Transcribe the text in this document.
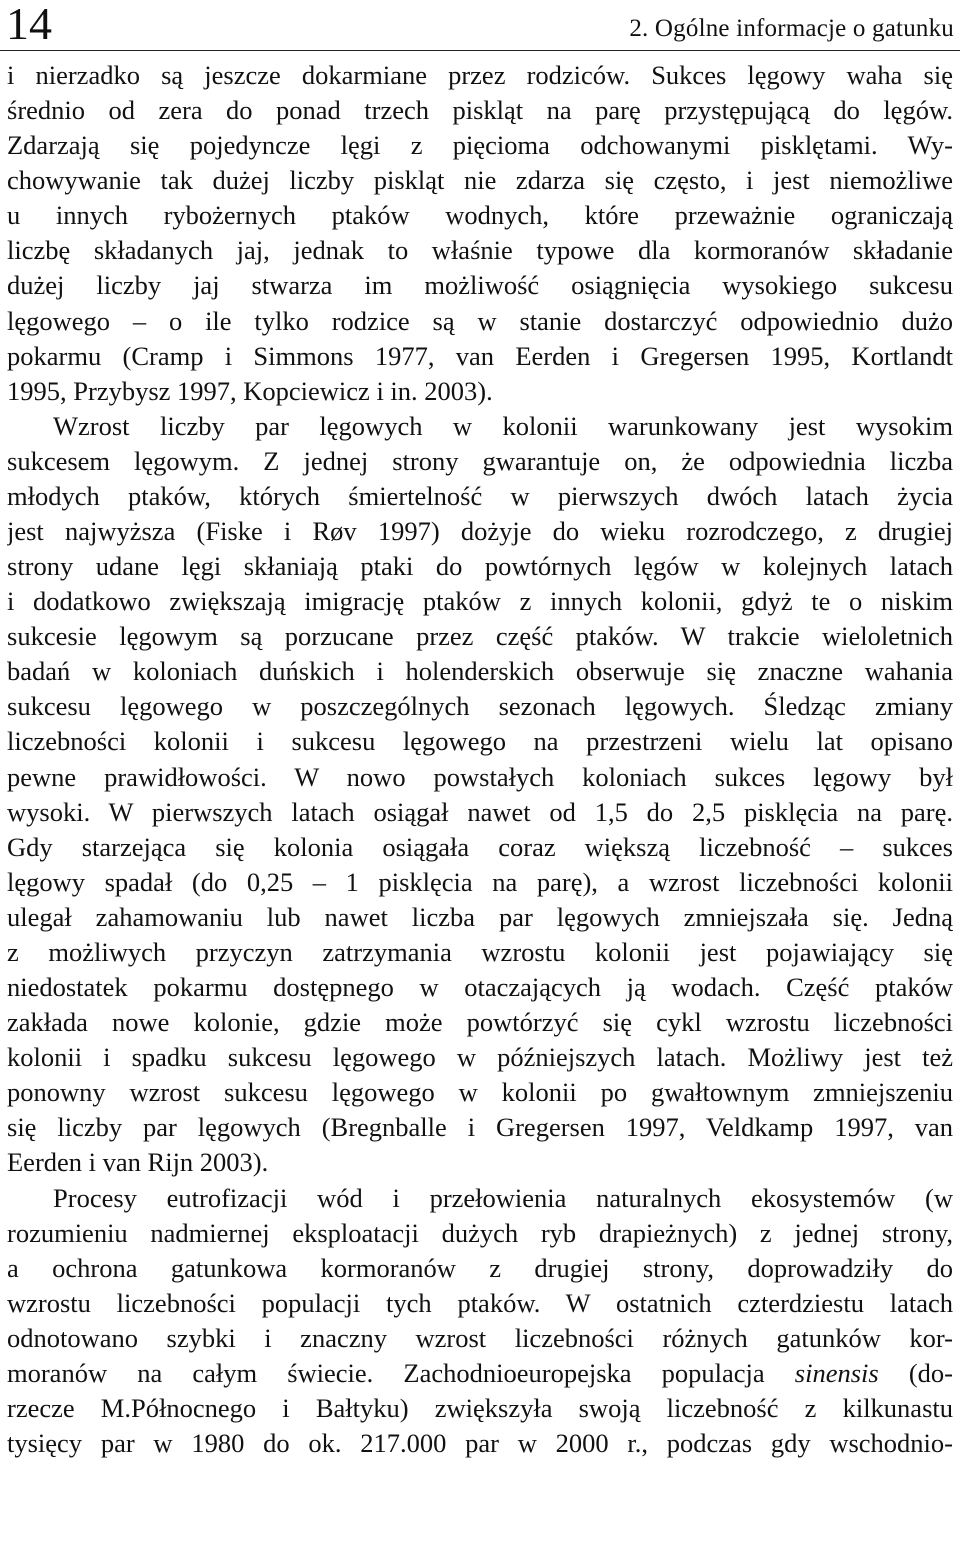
14	2. Ogólne informacje o gatunku
i nierzadko są jeszcze dokarmiane przez rodziców. Sukces lęgowy waha się
średnio od zera do ponad trzech piskląt na parę przystępującą do lęgów.
Zdarzają się pojedyncze lęgi z pięcioma odchowanymi pisklętami. Wy-
chowywanie tak dużej liczby piskląt nie zdarza się często, i jest niemożliwe
u innych rybożernych ptaków wodnych, które przeważnie ograniczają
liczbę składanych jaj, jednak to właśnie typowe dla kormoranów składanie
dużej liczby jaj stwarza im możliwość osiągnięcia wysokiego sukcesu
lęgowego – o ile tylko rodzice są w stanie dostarczyć odpowiednio dużo
pokarmu (Cramp i Simmons 1977, van Eerden i Gregersen 1995, Kortlandt
1995, Przybysz 1997, Kopciewicz i in. 2003).
Wzrost liczby par lęgowych w kolonii warunkowany jest wysokim
sukcesem lęgowym. Z jednej strony gwarantuje on, że odpowiednia liczba
młodych ptaków, których śmiertelność w pierwszych dwóch latach życia
jest najwyższa (Fiske i Røv 1997) dożyje do wieku rozrodczego, z drugiej
strony udane lęgi skłaniają ptaki do powtórnych lęgów w kolejnych latach
i dodatkowo zwiększają imigrację ptaków z innych kolonii, gdyż te o niskim
sukcesie lęgowym są porzucane przez część ptaków. W trakcie wieloletnich
badań w koloniach duńskich i holenderskich obserwuje się znaczne wahania
sukcesu lęgowego w poszczególnych sezonach lęgowych. Śledząc zmiany
liczebności kolonii i sukcesu lęgowego na przestrzeni wielu lat opisano
pewne prawidłowości. W nowo powstałych koloniach sukces lęgowy był
wysoki. W pierwszych latach osiągał nawet od 1,5 do 2,5 pisklęcia na parę.
Gdy starzejąca się kolonia osiągała coraz większą liczebność – sukces
lęgowy spadał (do 0,25 – 1 pisklęcia na parę), a wzrost liczebności kolonii
ulegał zahamowaniu lub nawet liczba par lęgowych zmniejszała się. Jedną
z możliwych przyczyn zatrzymania wzrostu kolonii jest pojawiający się
niedostatek pokarmu dostępnego w otaczających ją wodach. Część ptaków
zakłada nowe kolonie, gdzie może powtórzyć się cykl wzrostu liczebności
kolonii i spadku sukcesu lęgowego w późniejszych latach. Możliwy jest też
ponowny wzrost sukcesu lęgowego w kolonii po gwałtownym zmniejszeniu
się liczby par lęgowych (Bregnballe i Gregersen 1997, Veldkamp 1997, van
Eerden i van Rijn 2003).
Procesy eutrofizacji wód i przełowienia naturalnych ekosystemów (w
rozumieniu nadmiernej eksploatacji dużych ryb drapieżnych) z jednej strony,
a ochrona gatunkowa kormoranów z drugiej strony, doprowadziły do
wzrostu liczebności populacji tych ptaków. W ostatnich czterdziestu latach
odnotowano szybki i znaczny wzrost liczebności różnych gatunków kor-
moranów na całym świecie. Zachodnioeuropejska populacja sinensis (do-
rzecze M.Północnego i Bałtyku) zwiększyła swoją liczebność z kilkunastu
tysięcy par w 1980 do ok. 217.000 par w 2000 r., podczas gdy wschodnio-
